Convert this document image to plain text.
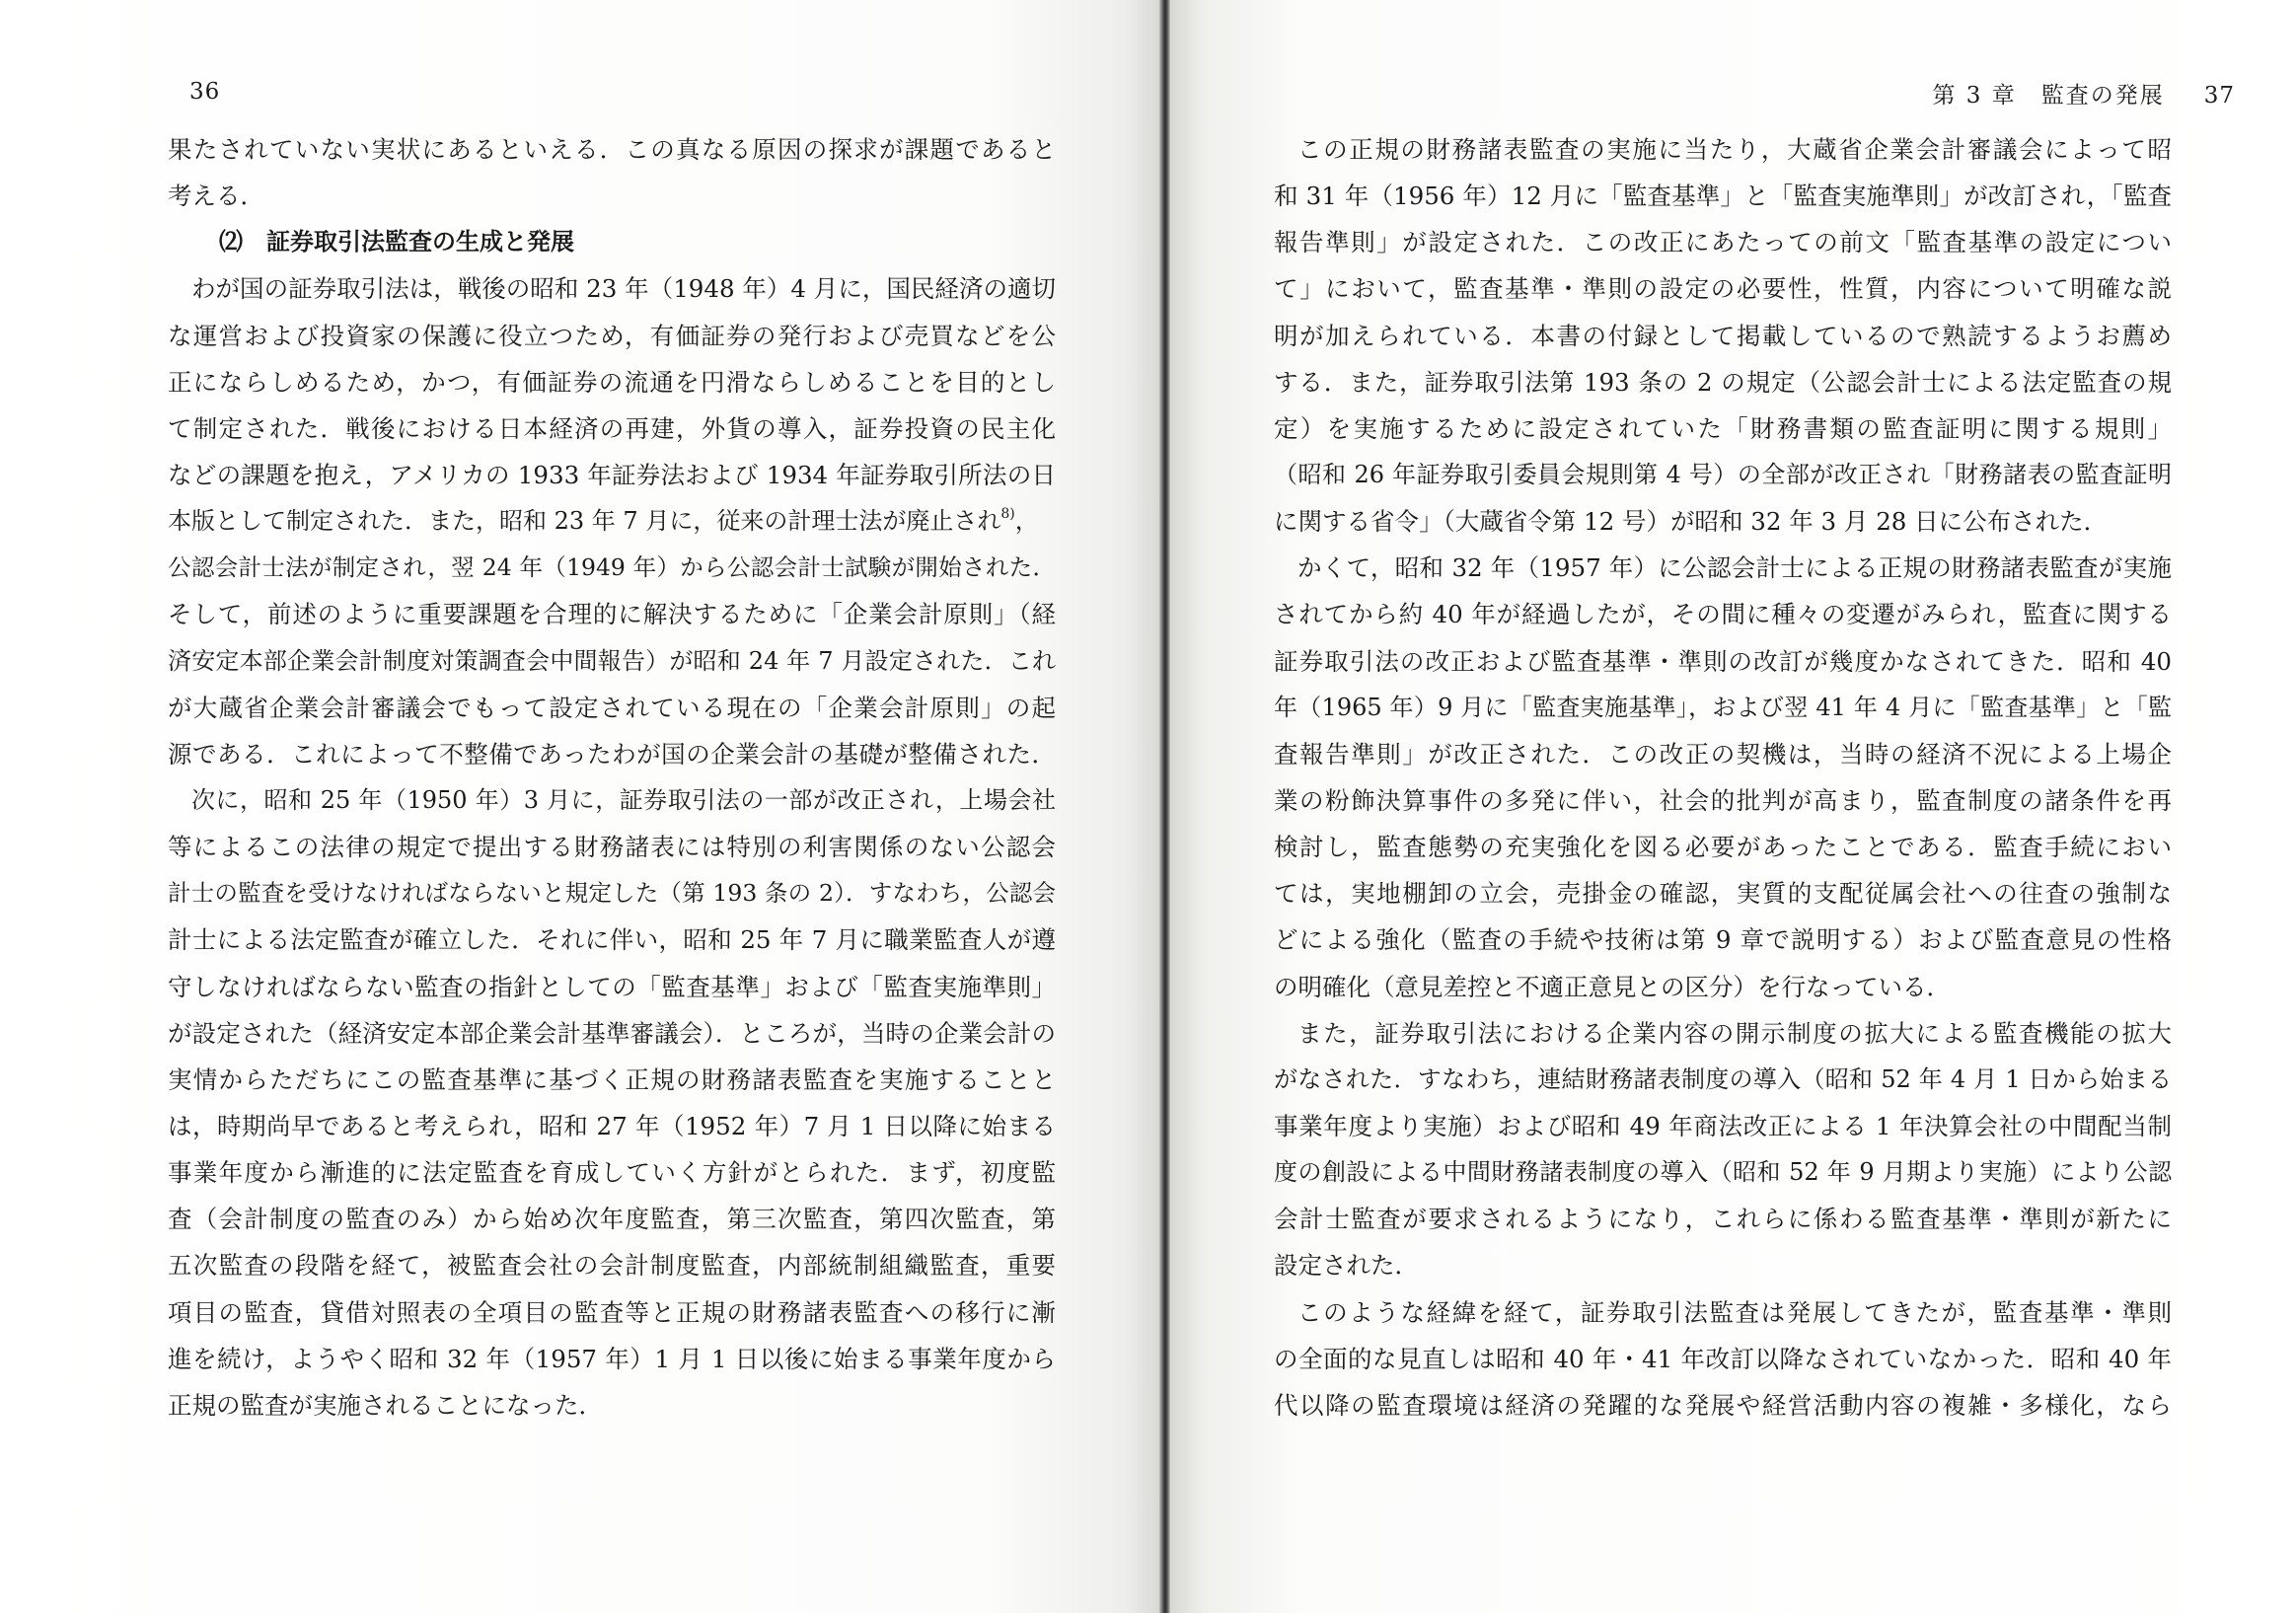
36
果たされていない実状にあるといえる．この真なる原因の探求が課題であると
考える．
⑵　証券取引法監査の生成と発展
わが国の証券取引法は，戦後の昭和 23 年（1948 年）4 月に，国民経済の適切
な運営および投資家の保護に役立つため，有価証券の発行および売買などを公
正にならしめるため，かつ，有価証券の流通を円滑ならしめることを目的とし
て制定された．戦後における日本経済の再建，外貨の導入，証券投資の民主化
などの課題を抱え，アメリカの 1933 年証券法および 1934 年証券取引所法の日
本版として制定された．また，昭和 23 年 7 月に，従来の計理士法が廃止され$^{8)}$，
公認会計士法が制定され，翌 24 年（1949 年）から公認会計士試験が開始された．
そして，前述のように重要課題を合理的に解決するために「企業会計原則」（経
済安定本部企業会計制度対策調査会中間報告）が昭和 24 年 7 月設定された．これ
が大蔵省企業会計審議会でもって設定されている現在の「企業会計原則」の起
源である．これによって不整備であったわが国の企業会計の基礎が整備された．
次に，昭和 25 年（1950 年）3 月に，証券取引法の一部が改正され，上場会社
等によるこの法律の規定で提出する財務諸表には特別の利害関係のない公認会
計士の監査を受けなければならないと規定した（第 193 条の 2）．すなわち，公認会
計士による法定監査が確立した．それに伴い，昭和 25 年 7 月に職業監査人が遵
守しなければならない監査の指針としての「監査基準」および「監査実施準則」
が設定された（経済安定本部企業会計基準審議会）．ところが，当時の企業会計の
実情からただちにこの監査基準に基づく正規の財務諸表監査を実施することと
は，時期尚早であると考えられ，昭和 27 年（1952 年）7 月 1 日以降に始まる
事業年度から漸進的に法定監査を育成していく方針がとられた．まず，初度監
査（会計制度の監査のみ）から始め次年度監査，第三次監査，第四次監査，第
五次監査の段階を経て，被監査会社の会計制度監査，内部統制組織監査，重要
項目の監査，貸借対照表の全項目の監査等と正規の財務諸表監査への移行に漸
進を続け，ようやく昭和 32 年（1957 年）1 月 1 日以後に始まる事業年度から
正規の監査が実施されることになった．
第 3 章　監査の発展 37
この正規の財務諸表監査の実施に当たり，大蔵省企業会計審議会によって昭
和 31 年（1956 年）12 月に「監査基準」と「監査実施準則」が改訂され，「監査
報告準則」が設定された．この改正にあたっての前文「監査基準の設定につい
て」において，監査基準・準則の設定の必要性，性質，内容について明確な説
明が加えられている．本書の付録として掲載しているので熟読するようお薦め
する．また，証券取引法第 193 条の 2 の規定（公認会計士による法定監査の規
定）を実施するために設定されていた「財務書類の監査証明に関する規則」
（昭和 26 年証券取引委員会規則第 4 号）の全部が改正され「財務諸表の監査証明
に関する省令」（大蔵省令第 12 号）が昭和 32 年 3 月 28 日に公布された．
かくて，昭和 32 年（1957 年）に公認会計士による正規の財務諸表監査が実施
されてから約 40 年が経過したが，その間に種々の変遷がみられ，監査に関する
証券取引法の改正および監査基準・準則の改訂が幾度かなされてきた．昭和 40
年（1965 年）9 月に「監査実施基準」，および翌 41 年 4 月に「監査基準」と「監
査報告準則」が改正された．この改正の契機は，当時の経済不況による上場企
業の粉飾決算事件の多発に伴い，社会的批判が高まり，監査制度の諸条件を再
検討し，監査態勢の充実強化を図る必要があったことである．監査手続におい
ては，実地棚卸の立会，売掛金の確認，実質的支配従属会社への往査の強制な
どによる強化（監査の手続や技術は第 9 章で説明する）および監査意見の性格
の明確化（意見差控と不適正意見との区分）を行なっている．
また，証券取引法における企業内容の開示制度の拡大による監査機能の拡大
がなされた．すなわち，連結財務諸表制度の導入（昭和 52 年 4 月 1 日から始まる
事業年度より実施）および昭和 49 年商法改正による 1 年決算会社の中間配当制
度の創設による中間財務諸表制度の導入（昭和 52 年 9 月期より実施）により公認
会計士監査が要求されるようになり，これらに係わる監査基準・準則が新たに
設定された．
このような経緯を経て，証券取引法監査は発展してきたが，監査基準・準則
の全面的な見直しは昭和 40 年・41 年改訂以降なされていなかった．昭和 40 年
代以降の監査環境は経済の発躍的な発展や経営活動内容の複雑・多様化，なら
